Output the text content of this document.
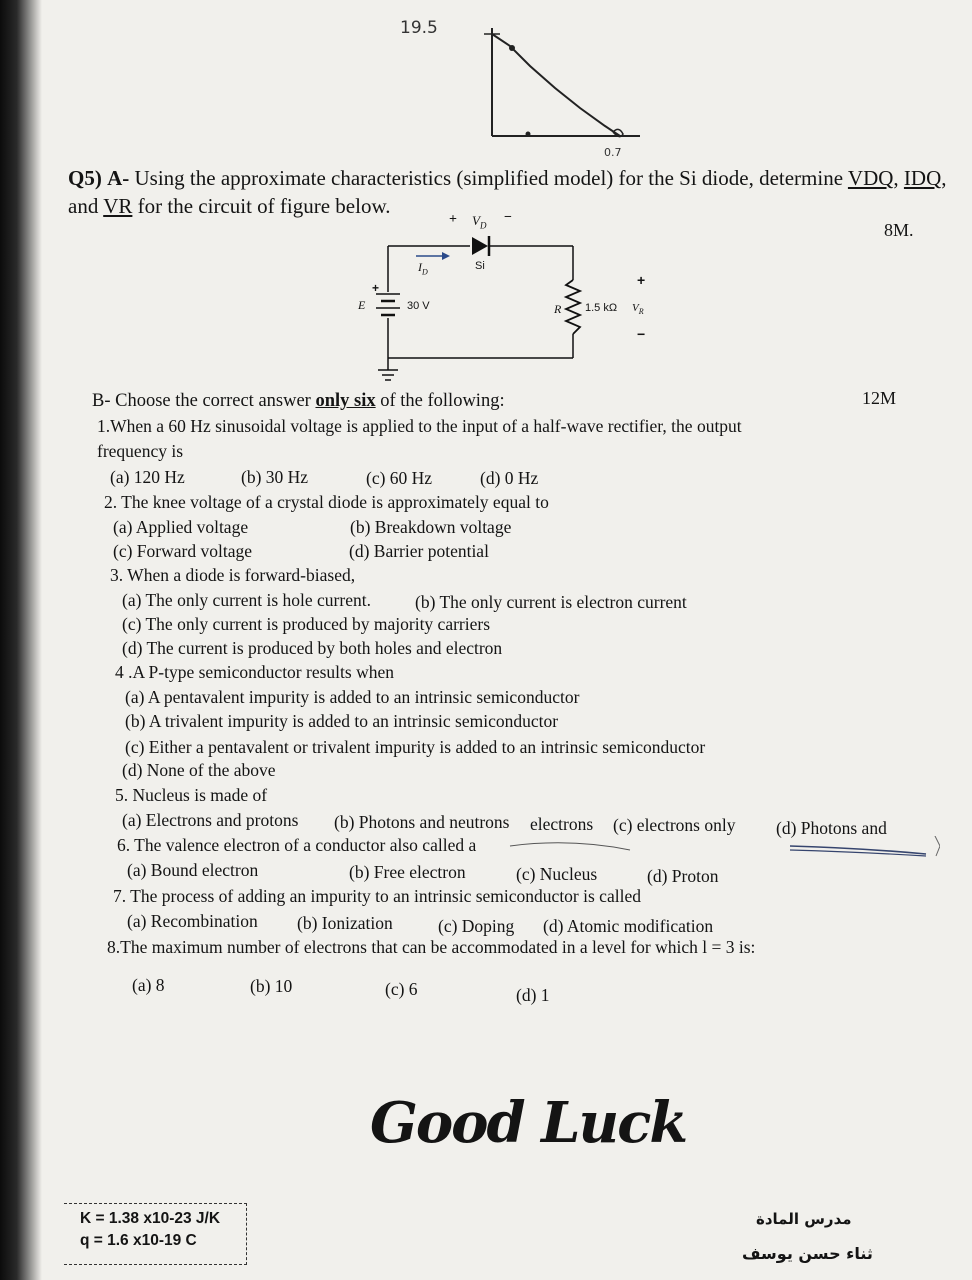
19.5
0.7
Q5) A- Using the approximate characteristics (simplified model) for the Si diode, determine VDQ, IDQ,
and VR for the circuit of figure below.
8M.
+ $V_D$
−
Si
$I_D$
+
E	30 V	R 1.5 kΩ $V_R$
+
−
B- Choose the correct answer only six of the following:	12M
1.When a 60 Hz sinusoidal voltage is applied to the input of a half-wave rectifier, the output
frequency is
(a) 120 Hz	(b) 30 Hz	(c) 60 Hz	(d) 0 Hz
2. The knee voltage of a crystal diode is approximately equal to
(a) Applied voltage	(b) Breakdown voltage
(c) Forward voltage	(d) Barrier potential
3. When a diode is forward-biased,
(a) The only current is hole current.	(b) The only current is electron current
(c) The only current is produced by majority carriers
(d) The current is produced by both holes and electron
4 .A P-type semiconductor results when
(a) A pentavalent impurity is added to an intrinsic semiconductor
(b) A trivalent impurity is added to an intrinsic semiconductor
(c) Either a pentavalent or trivalent impurity is added to an intrinsic semiconductor
(d) None of the above
5. Nucleus is made of
(a) Electrons and protons (b) Photons and neutrons electrons (c) electrons only (d) Photons and
6. The valence electron of a conductor also called a
(a) Bound electron	(b) Free electron	(c) Nucleus	(d) Proton
7. The process of adding an impurity to an intrinsic semiconductor is called
(a) Recombination (b) Ionization	(c) Doping (d) Atomic modification
8.The maximum number of electrons that can be accommodated in a level for which l = 3 is:
(a) 8	(b) 10	(c) 6	(d) 1
Good Luck
K = 1.38 x10-23 J/K
q = 1.6 x10-19 C
مدرس المادة
ثناء حسن يوسف
